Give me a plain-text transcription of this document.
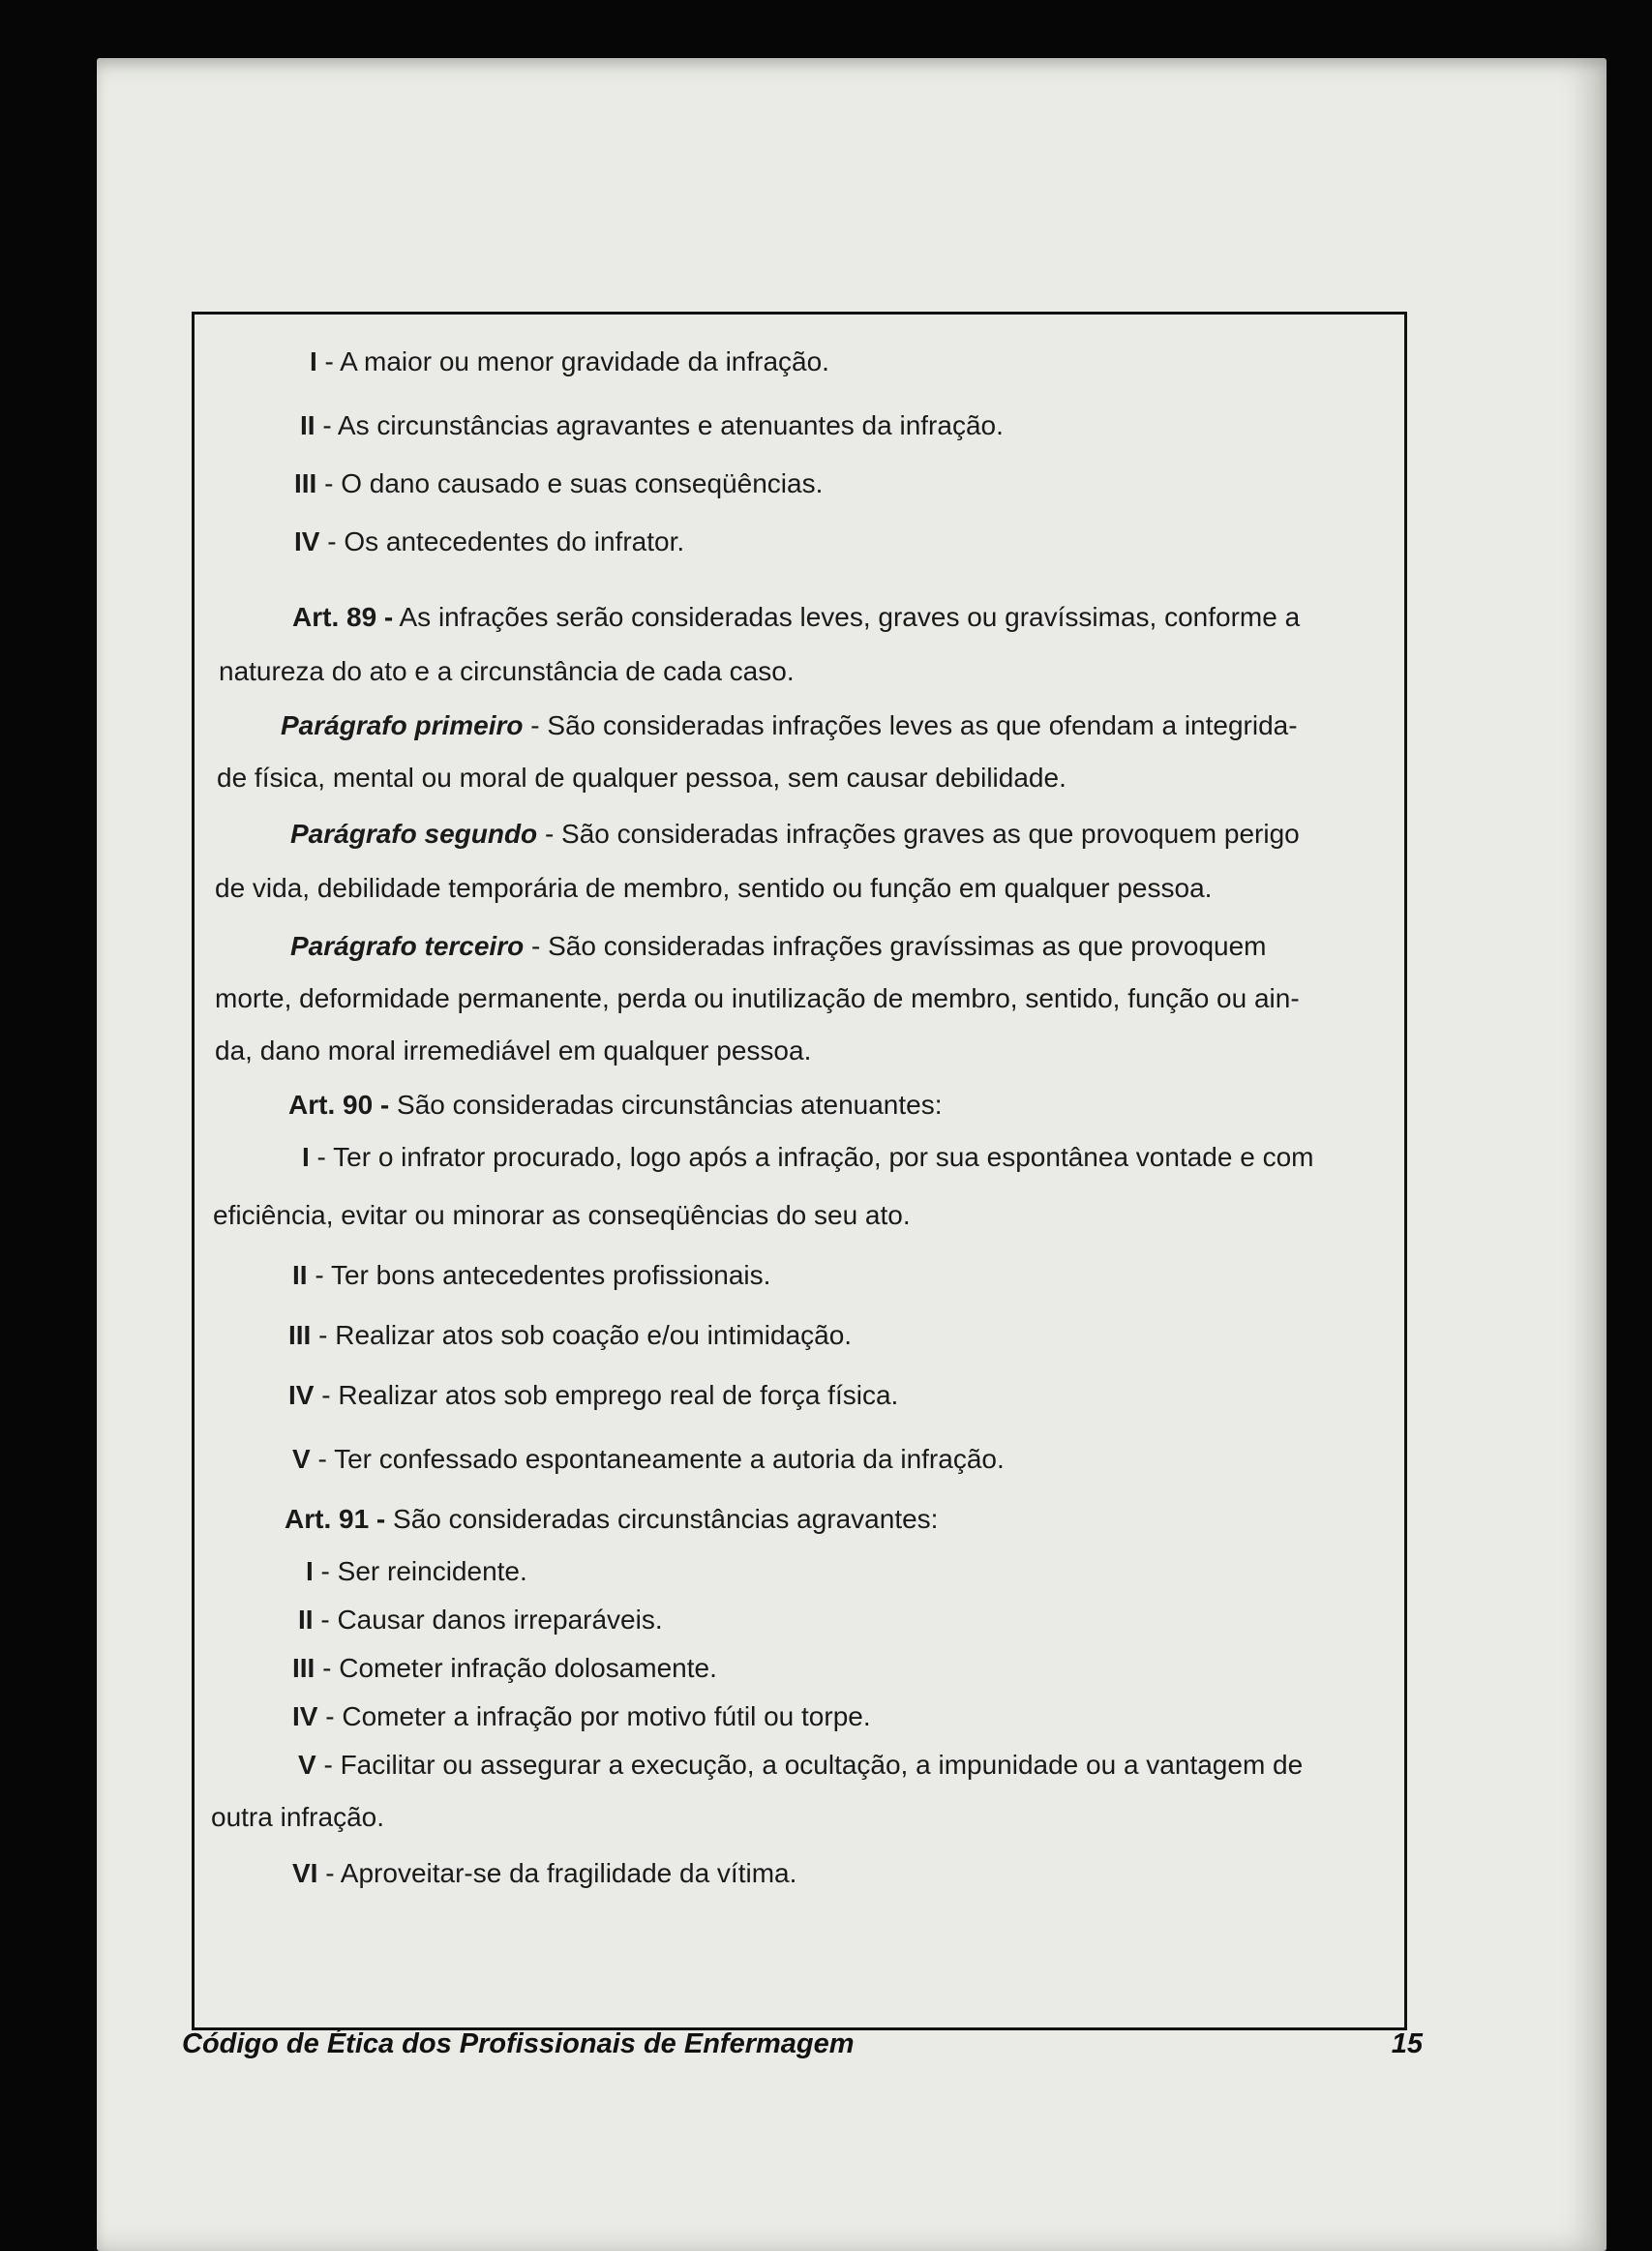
I - A maior ou menor gravidade da infração.
II - As circunstâncias agravantes e atenuantes da infração.
III - O dano causado e suas conseqüências.
IV - Os antecedentes do infrator.
Art. 89 - As infrações serão consideradas leves, graves ou gravíssimas, conforme a
natureza do ato e a circunstância de cada caso.
Parágrafo primeiro - São consideradas infrações leves as que ofendam a integrida-
de física, mental ou moral de qualquer pessoa, sem causar debilidade.
Parágrafo segundo - São consideradas infrações graves as que provoquem perigo
de vida, debilidade temporária de membro, sentido ou função em qualquer pessoa.
Parágrafo terceiro - São consideradas infrações gravíssimas as que provoquem
morte, deformidade permanente, perda ou inutilização de membro, sentido, função ou ain-
da, dano moral irremediável em qualquer pessoa.
Art. 90 - São consideradas circunstâncias atenuantes:
I - Ter o infrator procurado, logo após a infração, por sua espontânea vontade e com
eficiência, evitar ou minorar as conseqüências do seu ato.
II - Ter bons antecedentes profissionais.
III - Realizar atos sob coação e/ou intimidação.
IV - Realizar atos sob emprego real de força física.
V - Ter confessado espontaneamente a autoria da infração.
Art. 91 - São consideradas circunstâncias agravantes:
I - Ser reincidente.
II - Causar danos irreparáveis.
III - Cometer infração dolosamente.
IV - Cometer a infração por motivo fútil ou torpe.
V - Facilitar ou assegurar a execução, a ocultação, a impunidade ou a vantagem de
outra infração.
VI - Aproveitar-se da fragilidade da vítima.
Código de Ética dos Profissionais de Enfermagem	15
